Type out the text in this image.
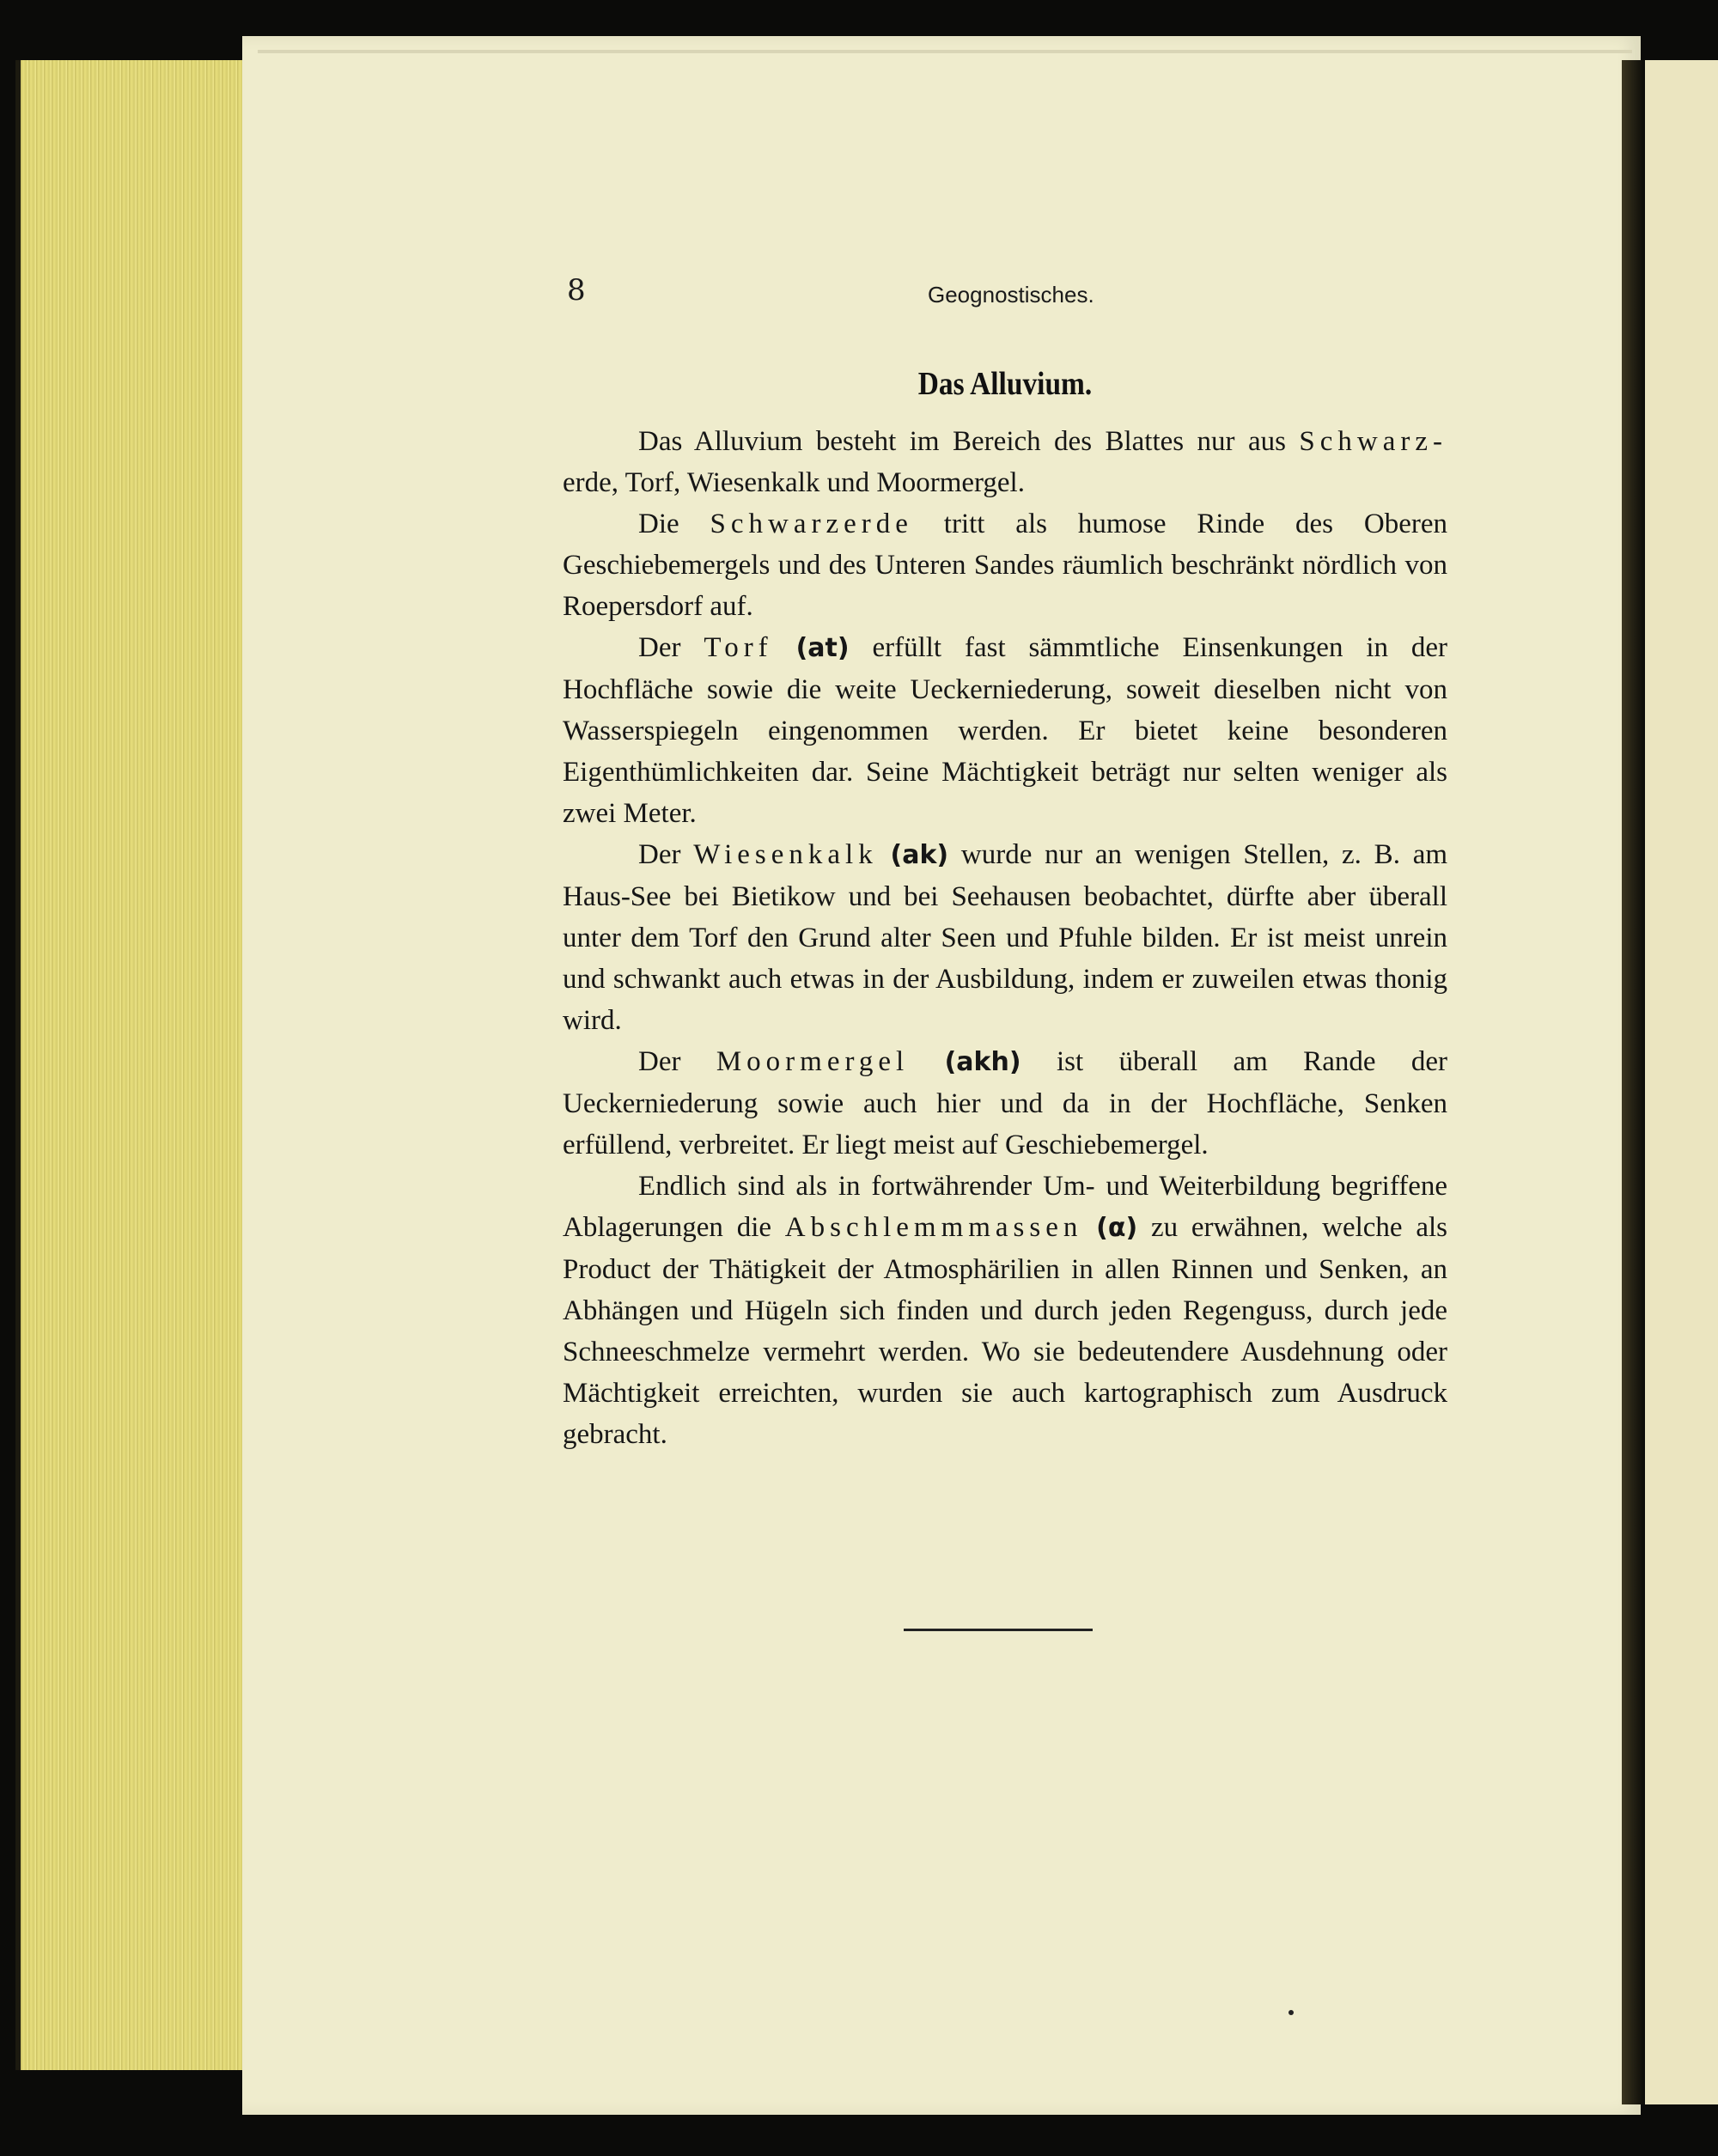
8	Geognostisches.
Das Alluvium.

Das Alluvium besteht im Bereich des Blattes nur aus Schwarz- erde, Torf, Wiesenkalk und Moormergel.

Die Schwarzerde tritt als humose Rinde des Oberen Geschiebemergels und des Unteren Sandes räumlich beschränkt nördlich von Roepersdorf auf.

Der Torf (at) erfüllt fast sämmtliche Einsenkungen in der Hochfläche sowie die weite Ueckerniederung, soweit dieselben nicht von Wasserspiegeln eingenommen werden. Er bietet keine besonderen Eigenthümlichkeiten dar. Seine Mächtigkeit beträgt nur selten weniger als zwei Meter.

Der Wiesenkalk (ak) wurde nur an wenigen Stellen, z. B. am Haus-See bei Bietikow und bei Seehausen beobachtet, dürfte aber überall unter dem Torf den Grund alter Seen und Pfuhle bilden. Er ist meist unrein und schwankt auch etwas in der Ausbildung, indem er zuweilen etwas thonig wird.

Der Moormergel (akh) ist überall am Rande der Ueckerniederung sowie auch hier und da in der Hochfläche, Senken erfüllend, verbreitet. Er liegt meist auf Geschiebemergel.

Endlich sind als in fortwährender Um- und Weiterbildung begriffene Ablagerungen die Abschlemmmassen (α) zu erwähnen, welche als Product der Thätigkeit der Atmosphärilien in allen Rinnen und Senken, an Abhängen und Hügeln sich finden und durch jeden Regenguss, durch jede Schneeschmelze vermehrt werden. Wo sie bedeutendere Ausdehnung oder Mächtigkeit erreichten, wurden sie auch kartographisch zum Ausdruck gebracht.
